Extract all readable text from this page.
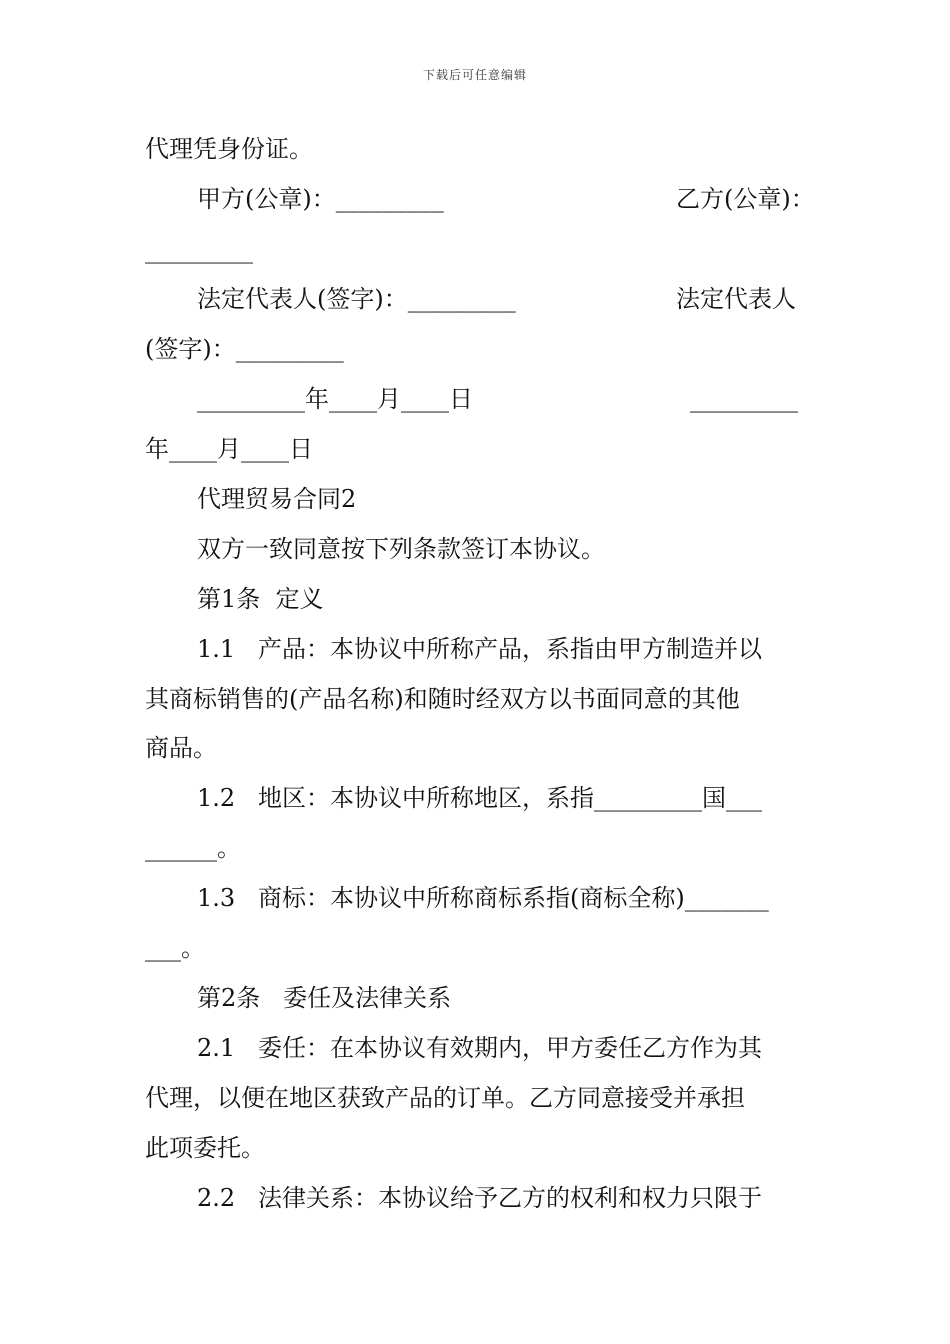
下载后可任意编辑
代理凭身份证。
甲方(公章)：_________	乙方(公章)：
_________
法定代表人(签字)：_________	法定代表人
(签字)：_________
_________年____月____日	_________
年____月____日
代理贸易合同2
双方一致同意按下列条款签订本协议。
第1条  定义
1.1   产品：本协议中所称产品，系指由甲方制造并以
其商标销售的(产品名称)和随时经双方以书面同意的其他
商品。
1.2   地区：本协议中所称地区，系指_________国___
______。
1.3   商标：本协议中所称商标系指(商标全称)_______
___。
第2条   委任及法律关系
2.1   委任：在本协议有效期内，甲方委任乙方作为其
代理，以便在地区获致产品的订单。乙方同意接受并承担
此项委托。
2.2   法律关系：本协议给予乙方的权利和权力只限于
